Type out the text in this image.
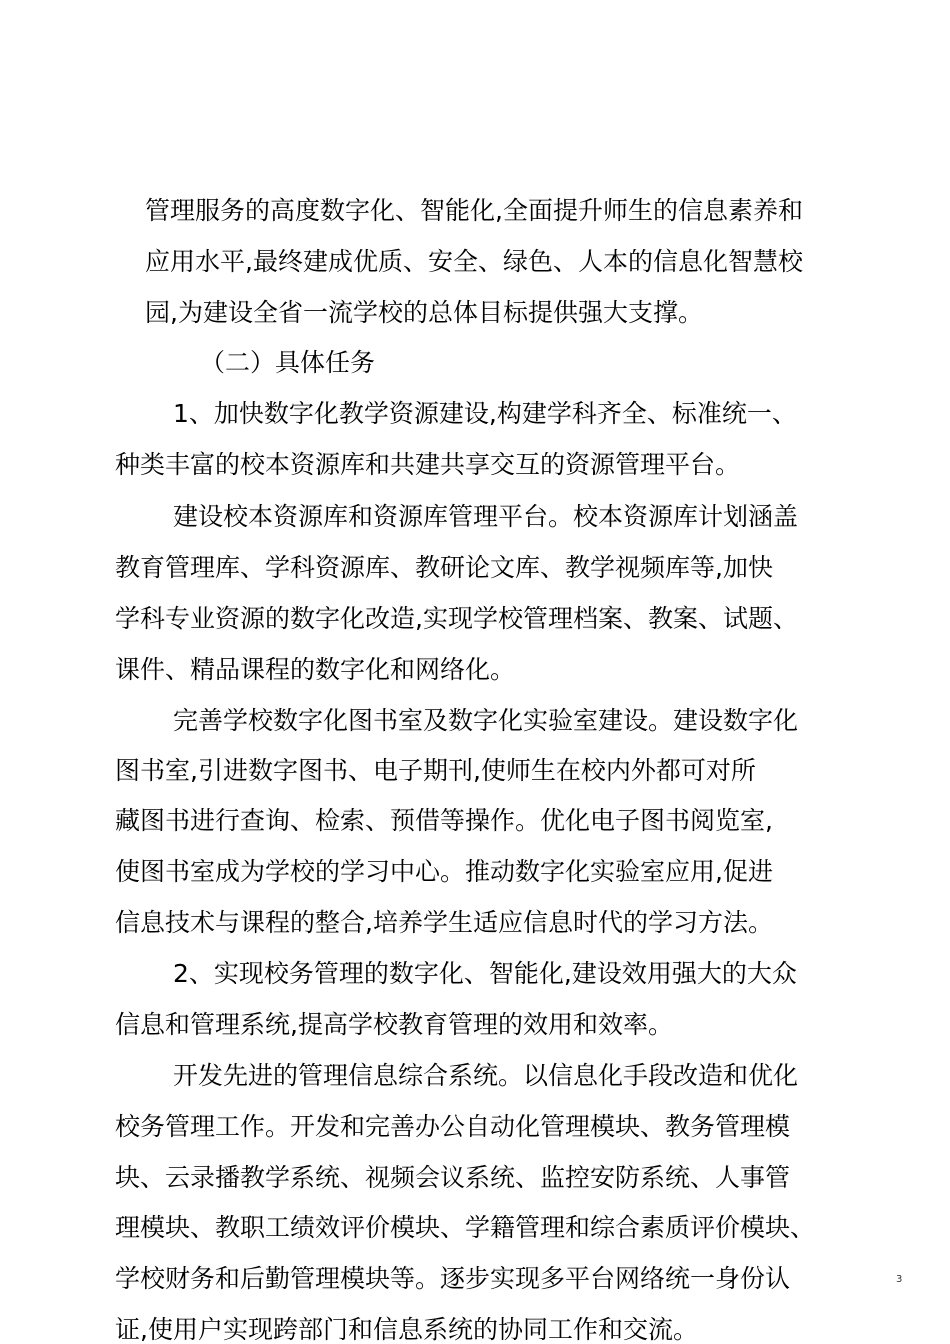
管理服务的高度数字化、智能化,全面提升师生的信息素养和
应用水平,最终建成优质、安全、绿色、人本的信息化智慧校
园,为建设全省一流学校的总体目标提供强大支撑。
（二）具体任务
1、加快数字化教学资源建设,构建学科齐全、标准统一、
种类丰富的校本资源库和共建共享交互的资源管理平台。
建设校本资源库和资源库管理平台。校本资源库计划涵盖
教育管理库、学科资源库、教研论文库、教学视频库等,加快
学科专业资源的数字化改造,实现学校管理档案、教案、试题、
课件、精品课程的数字化和网络化。
完善学校数字化图书室及数字化实验室建设。建设数字化
图书室,引进数字图书、电子期刊,使师生在校内外都可对所
藏图书进行查询、检索、预借等操作。优化电子图书阅览室,
使图书室成为学校的学习中心。推动数字化实验室应用,促进
信息技术与课程的整合,培养学生适应信息时代的学习方法。
2、实现校务管理的数字化、智能化,建设效用强大的大众
信息和管理系统,提高学校教育管理的效用和效率。
开发先进的管理信息综合系统。以信息化手段改造和优化
校务管理工作。开发和完善办公自动化管理模块、教务管理模
块、云录播教学系统、视频会议系统、监控安防系统、人事管
理模块、教职工绩效评价模块、学籍管理和综合素质评价模块、
学校财务和后勤管理模块等。逐步实现多平台网络统一身份认
证,使用户实现跨部门和信息系统的协同工作和交流。
3
